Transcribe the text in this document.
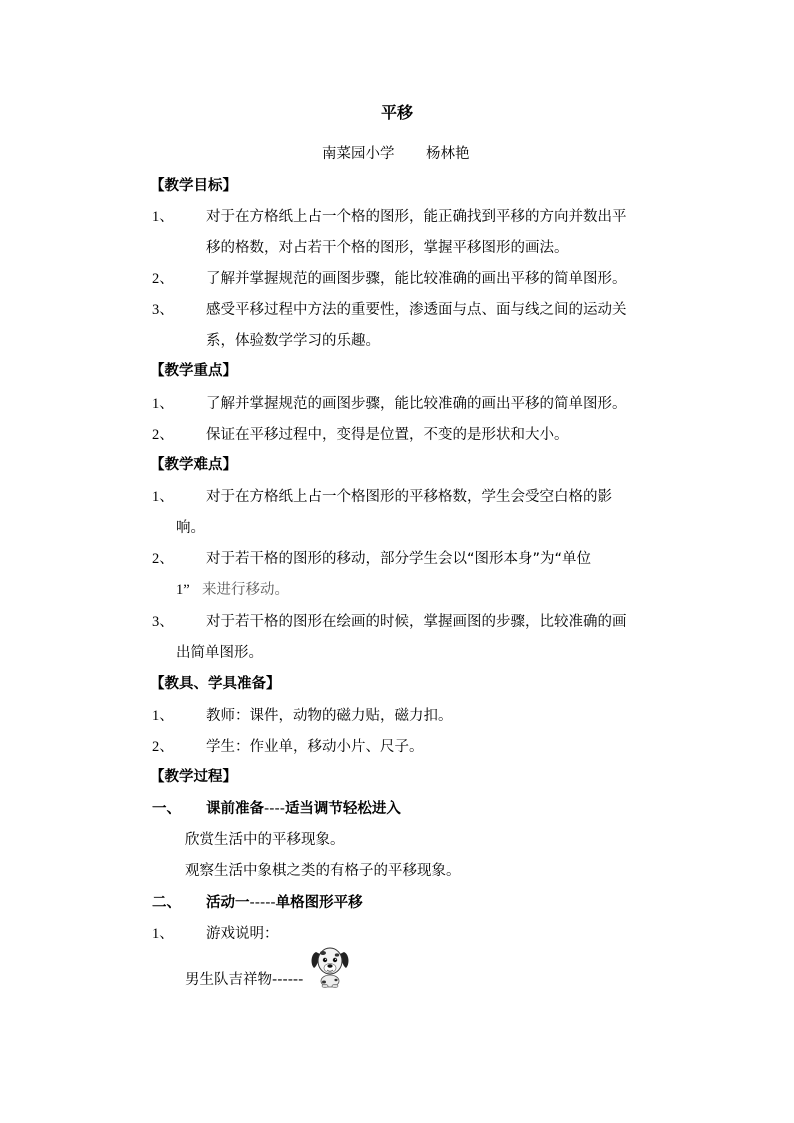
平移
南菜园小学 杨林艳
【教学目标】
1、 对于在方格纸上占一个格的图形，能正确找到平移的方向并数出平
移的格数，对占若干个格的图形，掌握平移图形的画法。
2、 了解并掌握规范的画图步骤，能比较准确的画出平移的简单图形。
3、 感受平移过程中方法的重要性，渗透面与点、面与线之间的运动关
系，体验数学学习的乐趣。
【教学重点】
1、 了解并掌握规范的画图步骤，能比较准确的画出平移的简单图形。
2、 保证在平移过程中，变得是位置，不变的是形状和大小。
【教学难点】
1、 对于在方格纸上占一个格图形的平移格数，学生会受空白格的影
响。
2、 对于若干格的图形的移动，部分学生会以“图形本身”为“单位
1” 来进行移动。
3、 对于若干格的图形在绘画的时候，掌握画图的步骤，比较准确的画
出简单图形。
【教具、学具准备】
1、 教师：课件，动物的磁力贴，磁力扣。
2、 学生：作业单，移动小片、尺子。
【教学过程】
一、 课前准备----适当调节轻松进入
欣赏生活中的平移现象。
观察生活中象棋之类的有格子的平移现象。
二、 活动一-----单格图形平移
1、 游戏说明：
男生队吉祥物------
